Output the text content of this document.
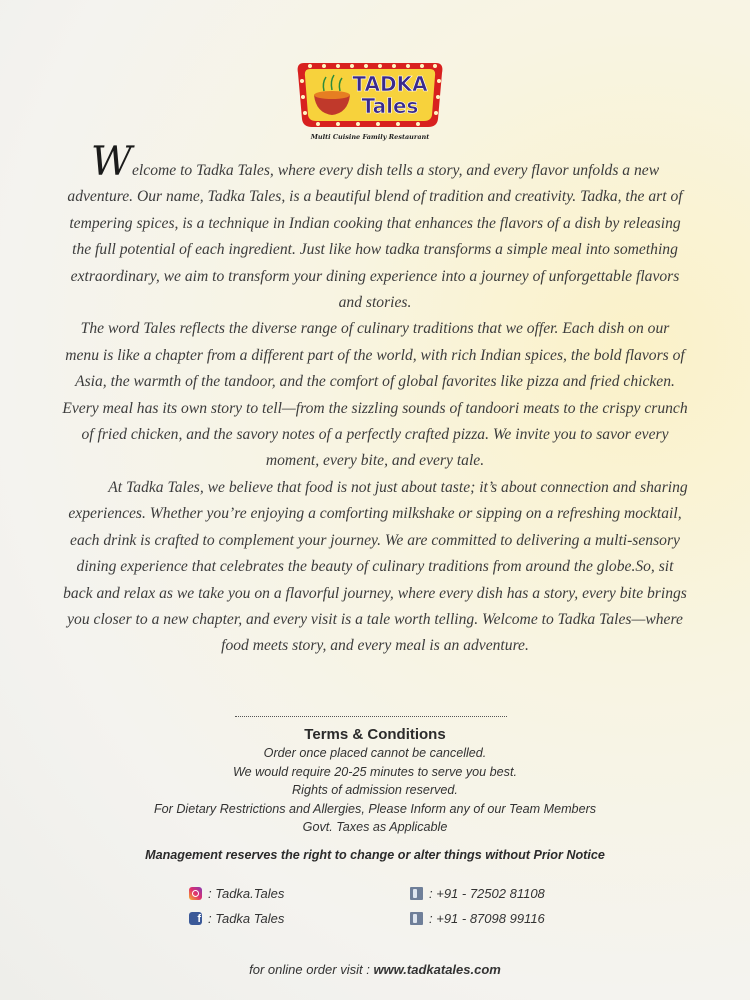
TADKA
Tales
Multi Cuisine Family Restaurant

Welcome to Tadka Tales, where every dish tells a story, and every flavor unfolds a new adventure. Our name, Tadka Tales, is a beautiful blend of tradition and creativity. Tadka, the art of tempering spices, is a technique in Indian cooking that enhances the flavors of a dish by releasing the full potential of each ingredient. Just like how tadka transforms a simple meal into something extraordinary, we aim to transform your dining experience into a journey of unforgettable flavors and stories.

The word Tales reflects the diverse range of culinary traditions that we offer. Each dish on our menu is like a chapter from a different part of the world, with rich Indian spices, the bold flavors of Asia, the warmth of the tandoor, and the comfort of global favorites like pizza and fried chicken. Every meal has its own story to tell—from the sizzling sounds of tandoori meats to the crispy crunch of fried chicken, and the savory notes of a perfectly crafted pizza. We invite you to savor every moment, every bite, and every tale.

At Tadka Tales, we believe that food is not just about taste; it’s about connection and sharing experiences. Whether you’re enjoying a comforting milkshake or sipping on a refreshing mocktail, each drink is crafted to complement your journey. We are committed to delivering a multi-sensory dining experience that celebrates the beauty of culinary traditions from around the globe.So, sit back and relax as we take you on a flavorful journey, where every dish has a story, every bite brings you closer to a new chapter, and every visit is a tale worth telling. Welcome to Tadka Tales—where food meets story, and every meal is an adventure.

Terms & Conditions
Order once placed cannot be cancelled.
We would require 20-25 minutes to serve you best.
Rights of admission reserved.
For Dietary Restrictions and Allergies, Please Inform any of our Team Members
Govt. Taxes as Applicable
Management reserves the right to change or alter things without Prior Notice
: Tadka.Tales
f : Tadka Tales
: +91 - 72502 81108
: +91 - 87098 99116
for online order visit : www.tadkatales.com
